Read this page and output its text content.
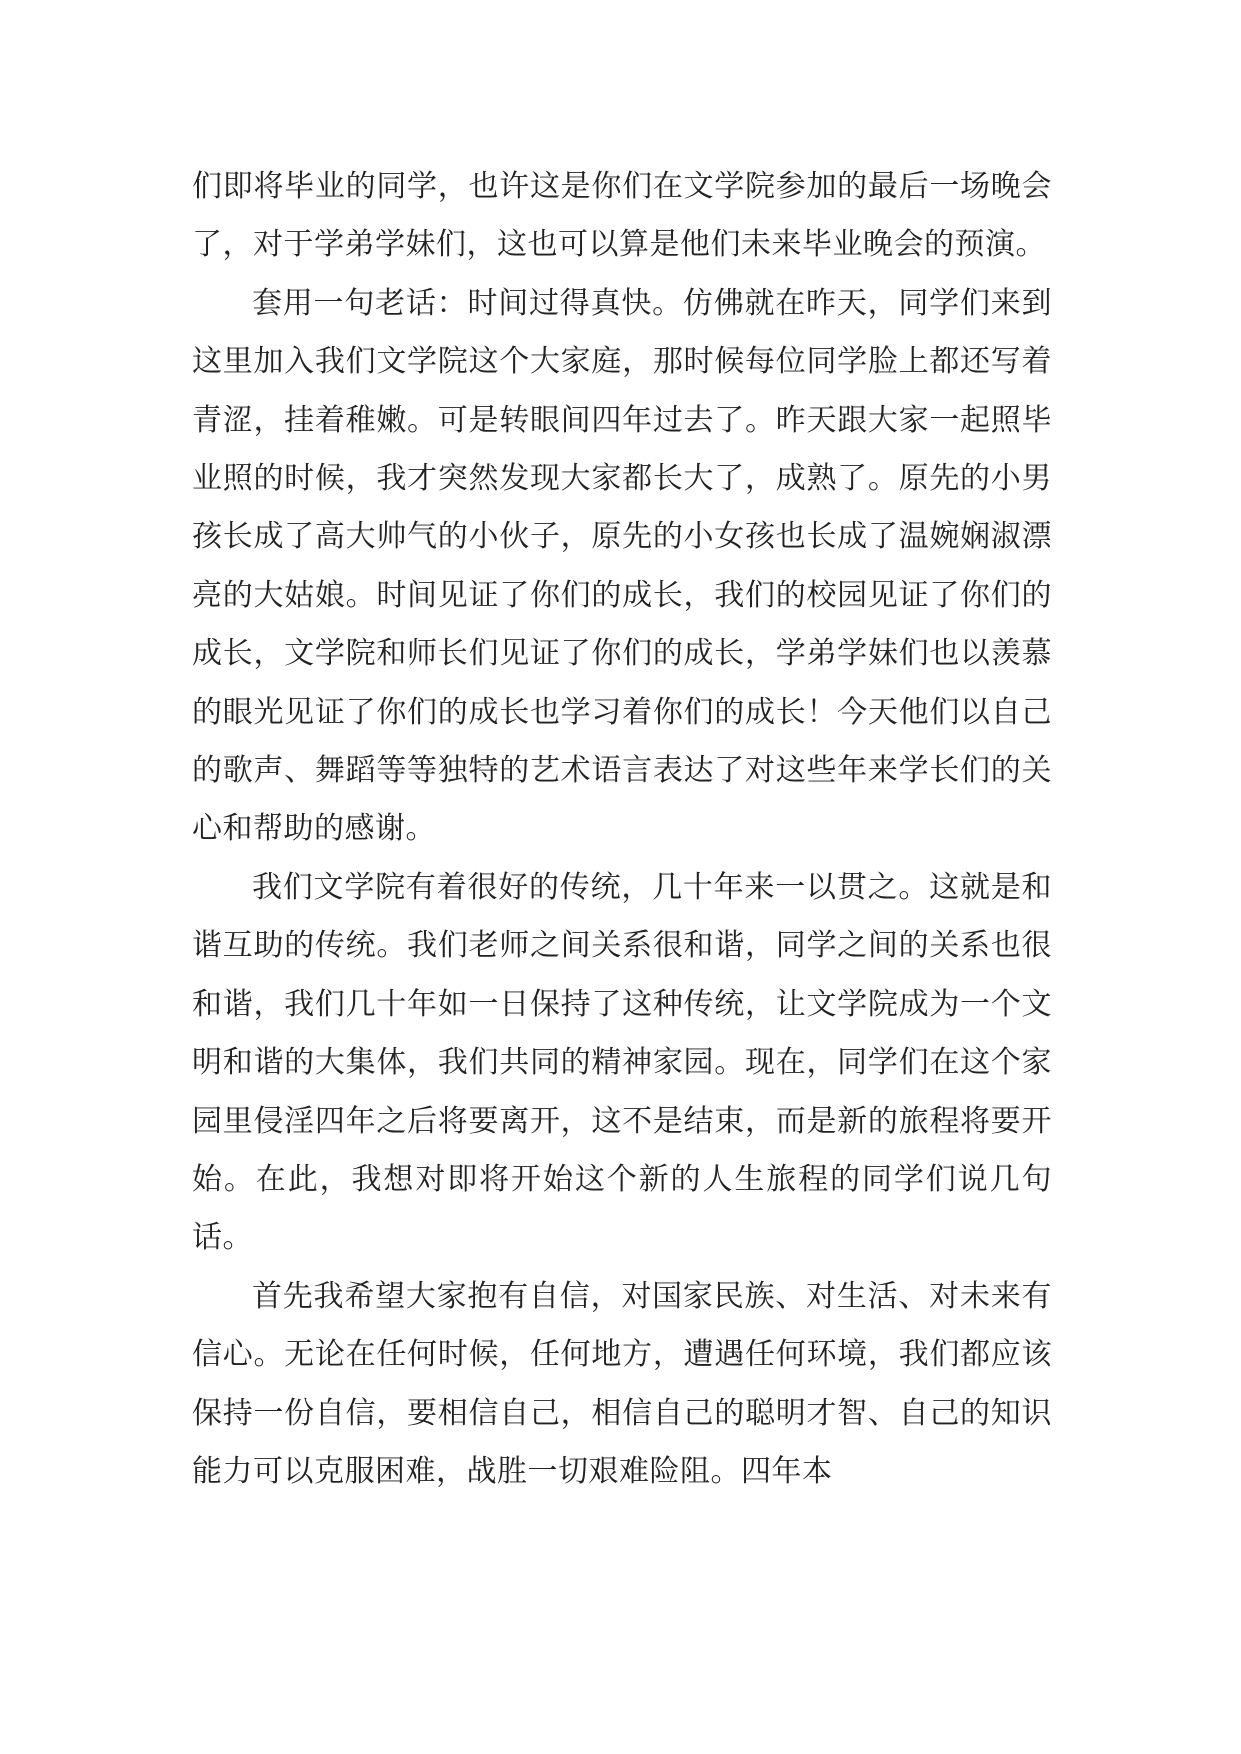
们即将毕业的同学，也许这是你们在文学院参加的最后一场晚会了，对于学弟学妹们，这也可以算是他们未来毕业晚会的预演。

套用一句老话：时间过得真快。仿佛就在昨天，同学们来到这里加入我们文学院这个大家庭，那时候每位同学脸上都还写着青涩，挂着稚嫩。可是转眼间四年过去了。昨天跟大家一起照毕业照的时候，我才突然发现大家都长大了，成熟了。原先的小男孩长成了高大帅气的小伙子，原先的小女孩也长成了温婉娴淑漂亮的大姑娘。时间见证了你们的成长，我们的校园见证了你们的成长，文学院和师长们见证了你们的成长，学弟学妹们也以羡慕的眼光见证了你们的成长也学习着你们的成长！今天他们以自己的歌声、舞蹈等等独特的艺术语言表达了对这些年来学长们的关心和帮助的感谢。

我们文学院有着很好的传统，几十年来一以贯之。这就是和谐互助的传统。我们老师之间关系很和谐，同学之间的关系也很和谐，我们几十年如一日保持了这种传统，让文学院成为一个文明和谐的大集体，我们共同的精神家园。现在，同学们在这个家园里侵淫四年之后将要离开，这不是结束，而是新的旅程将要开始。在此，我想对即将开始这个新的人生旅程的同学们说几句话。

首先我希望大家抱有自信，对国家民族、对生活、对未来有信心。无论在任何时候，任何地方，遭遇任何环境，我们都应该保持一份自信，要相信自己，相信自己的聪明才智、自己的知识能力可以克服困难，战胜一切艰难险阻。四年本
